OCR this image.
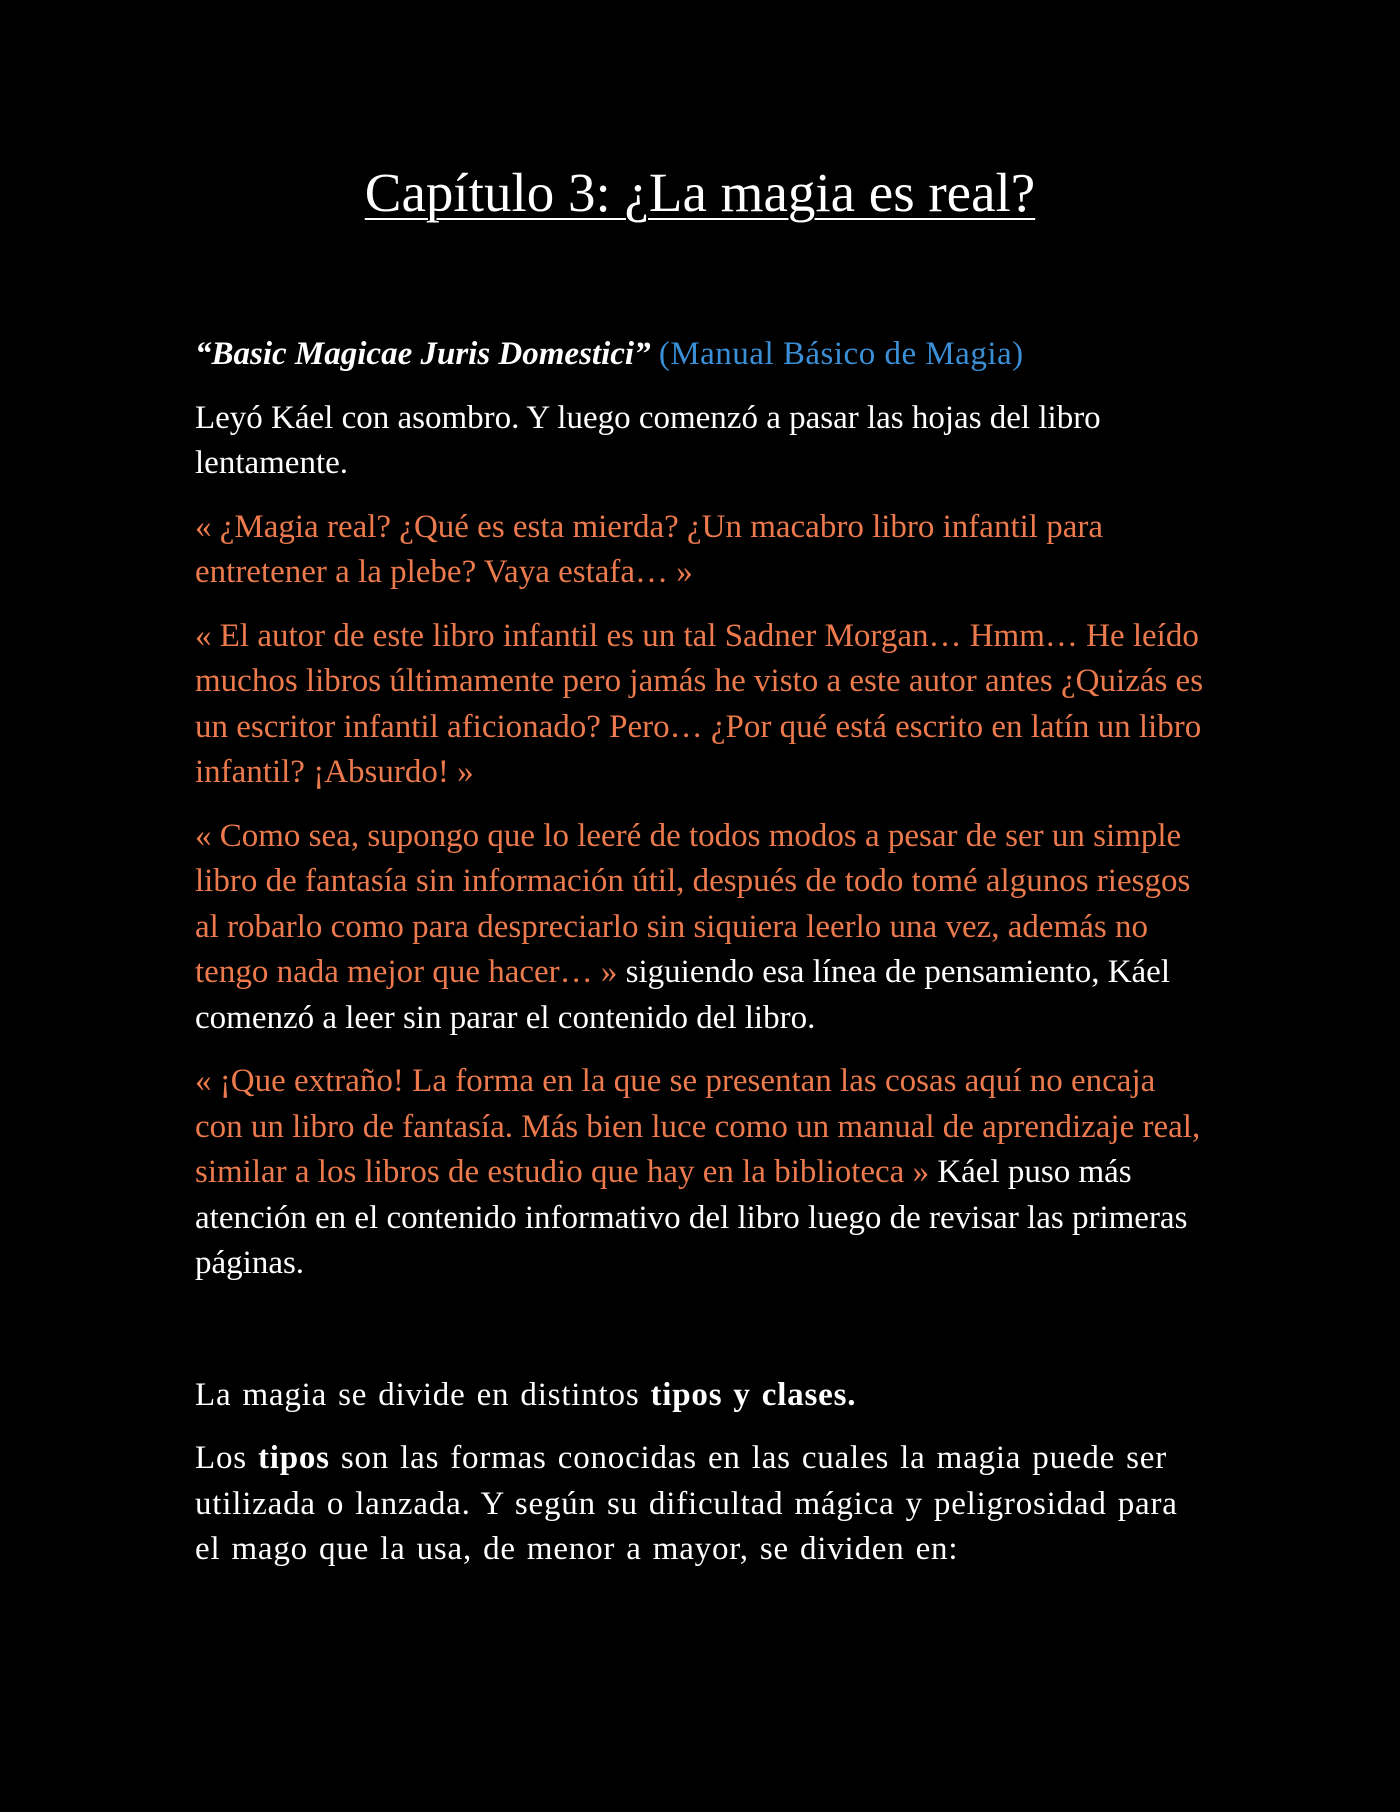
Capítulo 3: ¿La magia es real?

“Basic Magicae Juris Domestici” (Manual Básico de Magia)

Leyó Káel con asombro. Y luego comenzó a pasar las hojas del libro lentamente.

« ¿Magia real? ¿Qué es esta mierda? ¿Un macabro libro infantil para entretener a la plebe? Vaya estafa… »

« El autor de este libro infantil es un tal Sadner Morgan… Hmm… He leído muchos libros últimamente pero jamás he visto a este autor antes ¿Quizás es un escritor infantil aficionado? Pero… ¿Por qué está escrito en latín un libro infantil? ¡Absurdo! »

« Como sea, supongo que lo leeré de todos modos a pesar de ser un simple libro de fantasía sin información útil, después de todo tomé algunos riesgos al robarlo como para despreciarlo sin siquiera leerlo una vez, además no tengo nada mejor que hacer… » siguiendo esa línea de pensamiento, Káel comenzó a leer sin parar el contenido del libro.

« ¡Que extraño! La forma en la que se presentan las cosas aquí no encaja con un libro de fantasía. Más bien luce como un manual de aprendizaje real, similar a los libros de estudio que hay en la biblioteca » Káel puso más atención en el contenido informativo del libro luego de revisar las primeras páginas.

La magia se divide en distintos tipos y clases.

Los tipos son las formas conocidas en las cuales la magia puede ser utilizada o lanzada. Y según su dificultad mágica y peligrosidad para el mago que la usa, de menor a mayor, se dividen en:
